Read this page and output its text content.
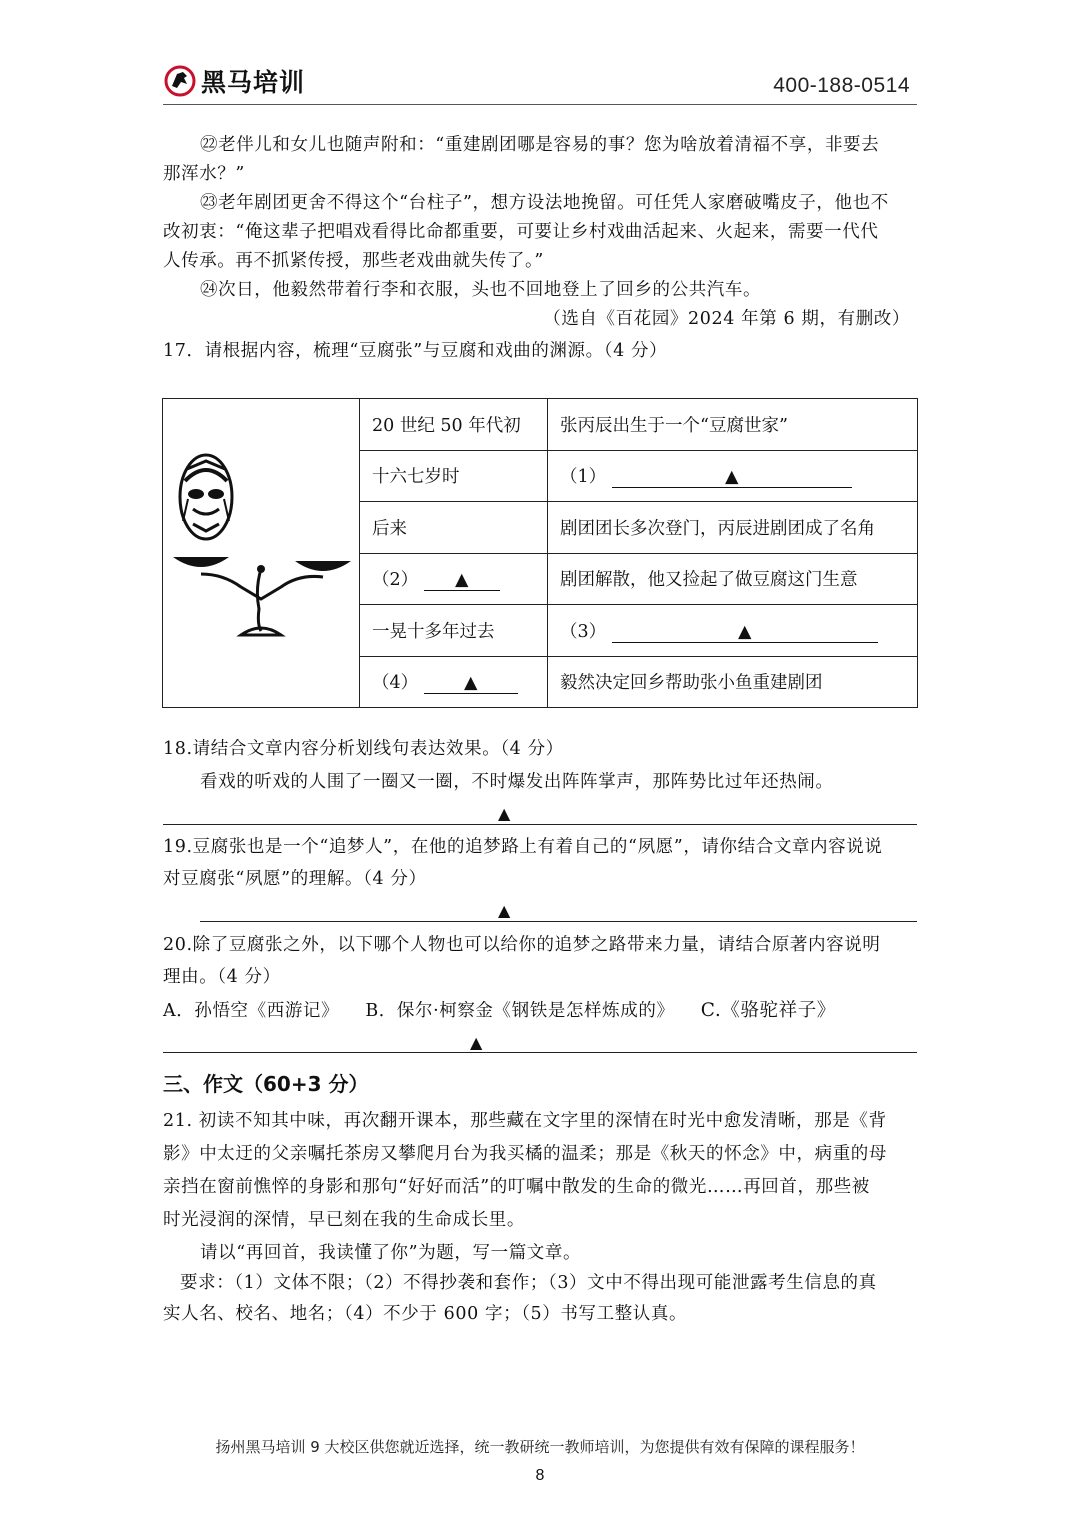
黑马培训	400-188-0514
㉒老伴儿和女儿也随声附和：“重建剧团哪是容易的事？您为啥放着清福不享，非要去
那浑水？”
㉓老年剧团更舍不得这个“台柱子”，想方设法地挽留。可任凭人家磨破嘴皮子，他也不
改初衷：“俺这辈子把唱戏看得比命都重要，可要让乡村戏曲活起来、火起来，需要一代代
人传承。再不抓紧传授，那些老戏曲就失传了。”
㉔次日，他毅然带着行李和衣服，头也不回地登上了回乡的公共汽车。
（选自《百花园》2024 年第 6 期，有删改）
17．请根据内容，梳理“豆腐张”与豆腐和戏曲的渊源。（4 分）
	20 世纪 50 年代初	张丙辰出生于一个“豆腐世家”
	十六七岁时	（1） ▲
	后来	剧团团长多次登门，丙辰进剧团成了名角
	（2） ▲	剧团解散，他又捡起了做豆腐这门生意
	一晃十多年过去	（3） ▲
	（4） ▲	毅然决定回乡帮助张小鱼重建剧团
18.请结合文章内容分析划线句表达效果。（4 分）
看戏的听戏的人围了一圈又一圈，不时爆发出阵阵掌声，那阵势比过年还热闹。
▲
19.豆腐张也是一个“追梦人”，在他的追梦路上有着自己的“夙愿”，请你结合文章内容说说
对豆腐张“夙愿”的理解。（4 分）
▲
20.除了豆腐张之外，以下哪个人物也可以给你的追梦之路带来力量，请结合原著内容说明
理由。（4 分）
A．孙悟空《西游记》 B．保尔·柯察金《钢铁是怎样炼成的》 C.《骆驼祥子》
▲
三、作文（60+3 分）
21. 初读不知其中味，再次翻开课本，那些藏在文字里的深情在时光中愈发清晰，那是《背
影》中太迂的父亲嘱托茶房又攀爬月台为我买橘的温柔；那是《秋天的怀念》中，病重的母
亲挡在窗前憔悴的身影和那句“好好而活”的叮嘱中散发的生命的微光……再回首，那些被
时光浸润的深情，早已刻在我的生命成长里。
请以“再回首，我读懂了你”为题，写一篇文章。
要求：（1）文体不限；（2）不得抄袭和套作；（3）文中不得出现可能泄露考生信息的真
实人名、校名、地名；（4）不少于 600 字；（5）书写工整认真。
扬州黑马培训 9 大校区供您就近选择，统一教研统一教师培训，为您提供有效有保障的课程服务！
8
